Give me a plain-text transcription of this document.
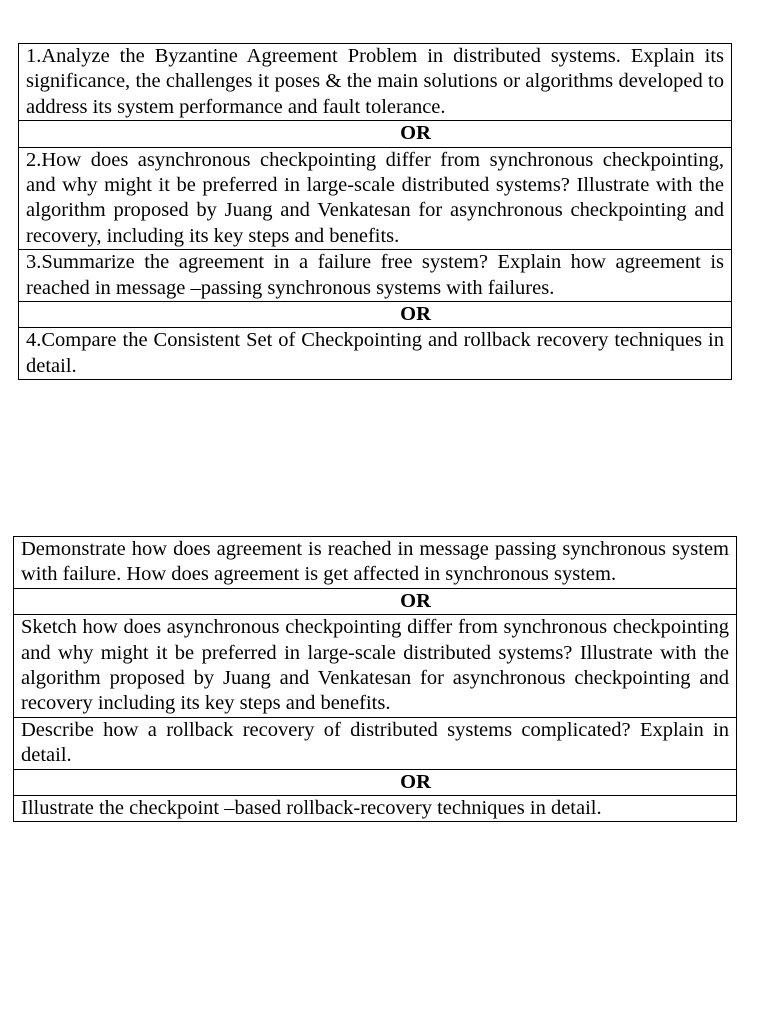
1.Analyze the Byzantine Agreement Problem in distributed systems. Explain its significance, the challenges it poses & the main solutions or algorithms developed to address its system performance and fault tolerance.
OR
2.How does asynchronous checkpointing differ from synchronous checkpointing, and why might it be preferred in large-scale distributed systems? Illustrate with the algorithm proposed by Juang and Venkatesan for asynchronous checkpointing and recovery, including its key steps and benefits.
3.Summarize the agreement in a failure free system? Explain how agreement is reached in message –passing synchronous systems with failures.
OR
4.Compare the Consistent Set of Checkpointing and rollback recovery techniques in detail.
Demonstrate how does agreement is reached in message passing synchronous system with failure. How does agreement is get affected in synchronous system.
OR
Sketch how does asynchronous checkpointing differ from synchronous checkpointing and why might it be preferred in large-scale distributed systems? Illustrate with the algorithm proposed by Juang and Venkatesan for asynchronous checkpointing and recovery including its key steps and benefits.
Describe how a rollback recovery of distributed systems complicated? Explain in detail.
OR
Illustrate the checkpoint –based rollback-recovery techniques in detail.
